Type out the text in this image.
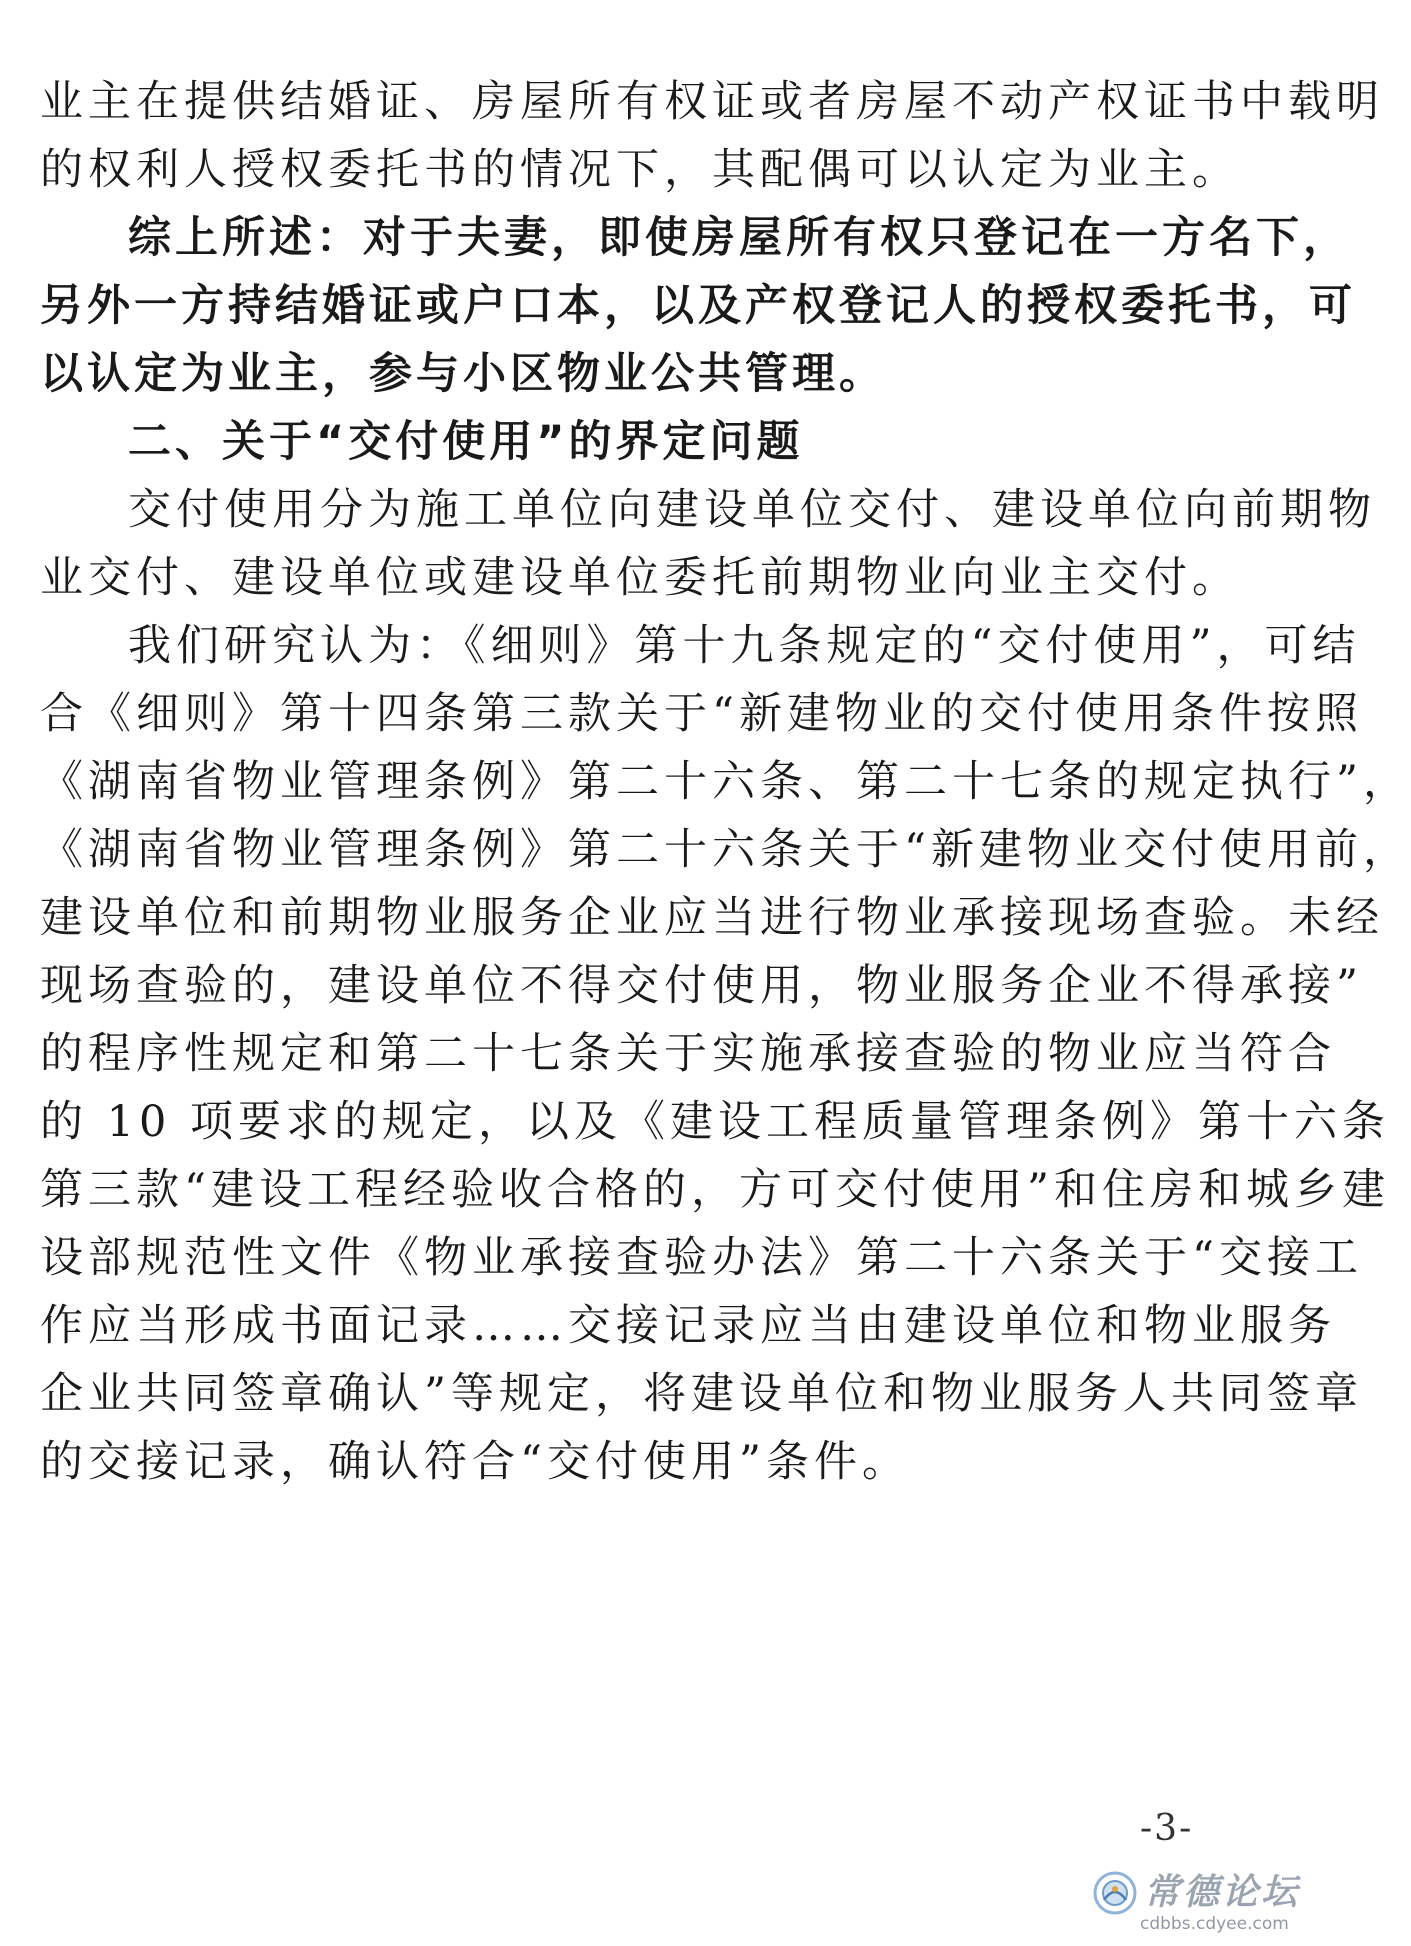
业主在提供结婚证、房屋所有权证或者房屋不动产权证书中载明
的权利人授权委托书的情况下，其配偶可以认定为业主。
综上所述：对于夫妻，即使房屋所有权只登记在一方名下，
另外一方持结婚证或户口本，以及产权登记人的授权委托书，可
以认定为业主，参与小区物业公共管理。
二、关于“交付使用”的界定问题
交付使用分为施工单位向建设单位交付、建设单位向前期物
业交付、建设单位或建设单位委托前期物业向业主交付。
我们研究认为：《细则》第十九条规定的“交付使用”，可结
合《细则》第十四条第三款关于“新建物业的交付使用条件按照
《湖南省物业管理条例》第二十六条、第二十七条的规定执行”，
《湖南省物业管理条例》第二十六条关于“新建物业交付使用前，
建设单位和前期物业服务企业应当进行物业承接现场查验。未经
现场查验的，建设单位不得交付使用，物业服务企业不得承接”
的程序性规定和第二十七条关于实施承接查验的物业应当符合
的 10 项要求的规定，以及《建设工程质量管理条例》第十六条
第三款“建设工程经验收合格的，方可交付使用”和住房和城乡建
设部规范性文件《物业承接查验办法》第二十六条关于“交接工
作应当形成书面记录……交接记录应当由建设单位和物业服务
企业共同签章确认”等规定，将建设单位和物业服务人共同签章
的交接记录，确认符合“交付使用”条件。
-3-
常德论坛
cdbbs.cdyee.com
